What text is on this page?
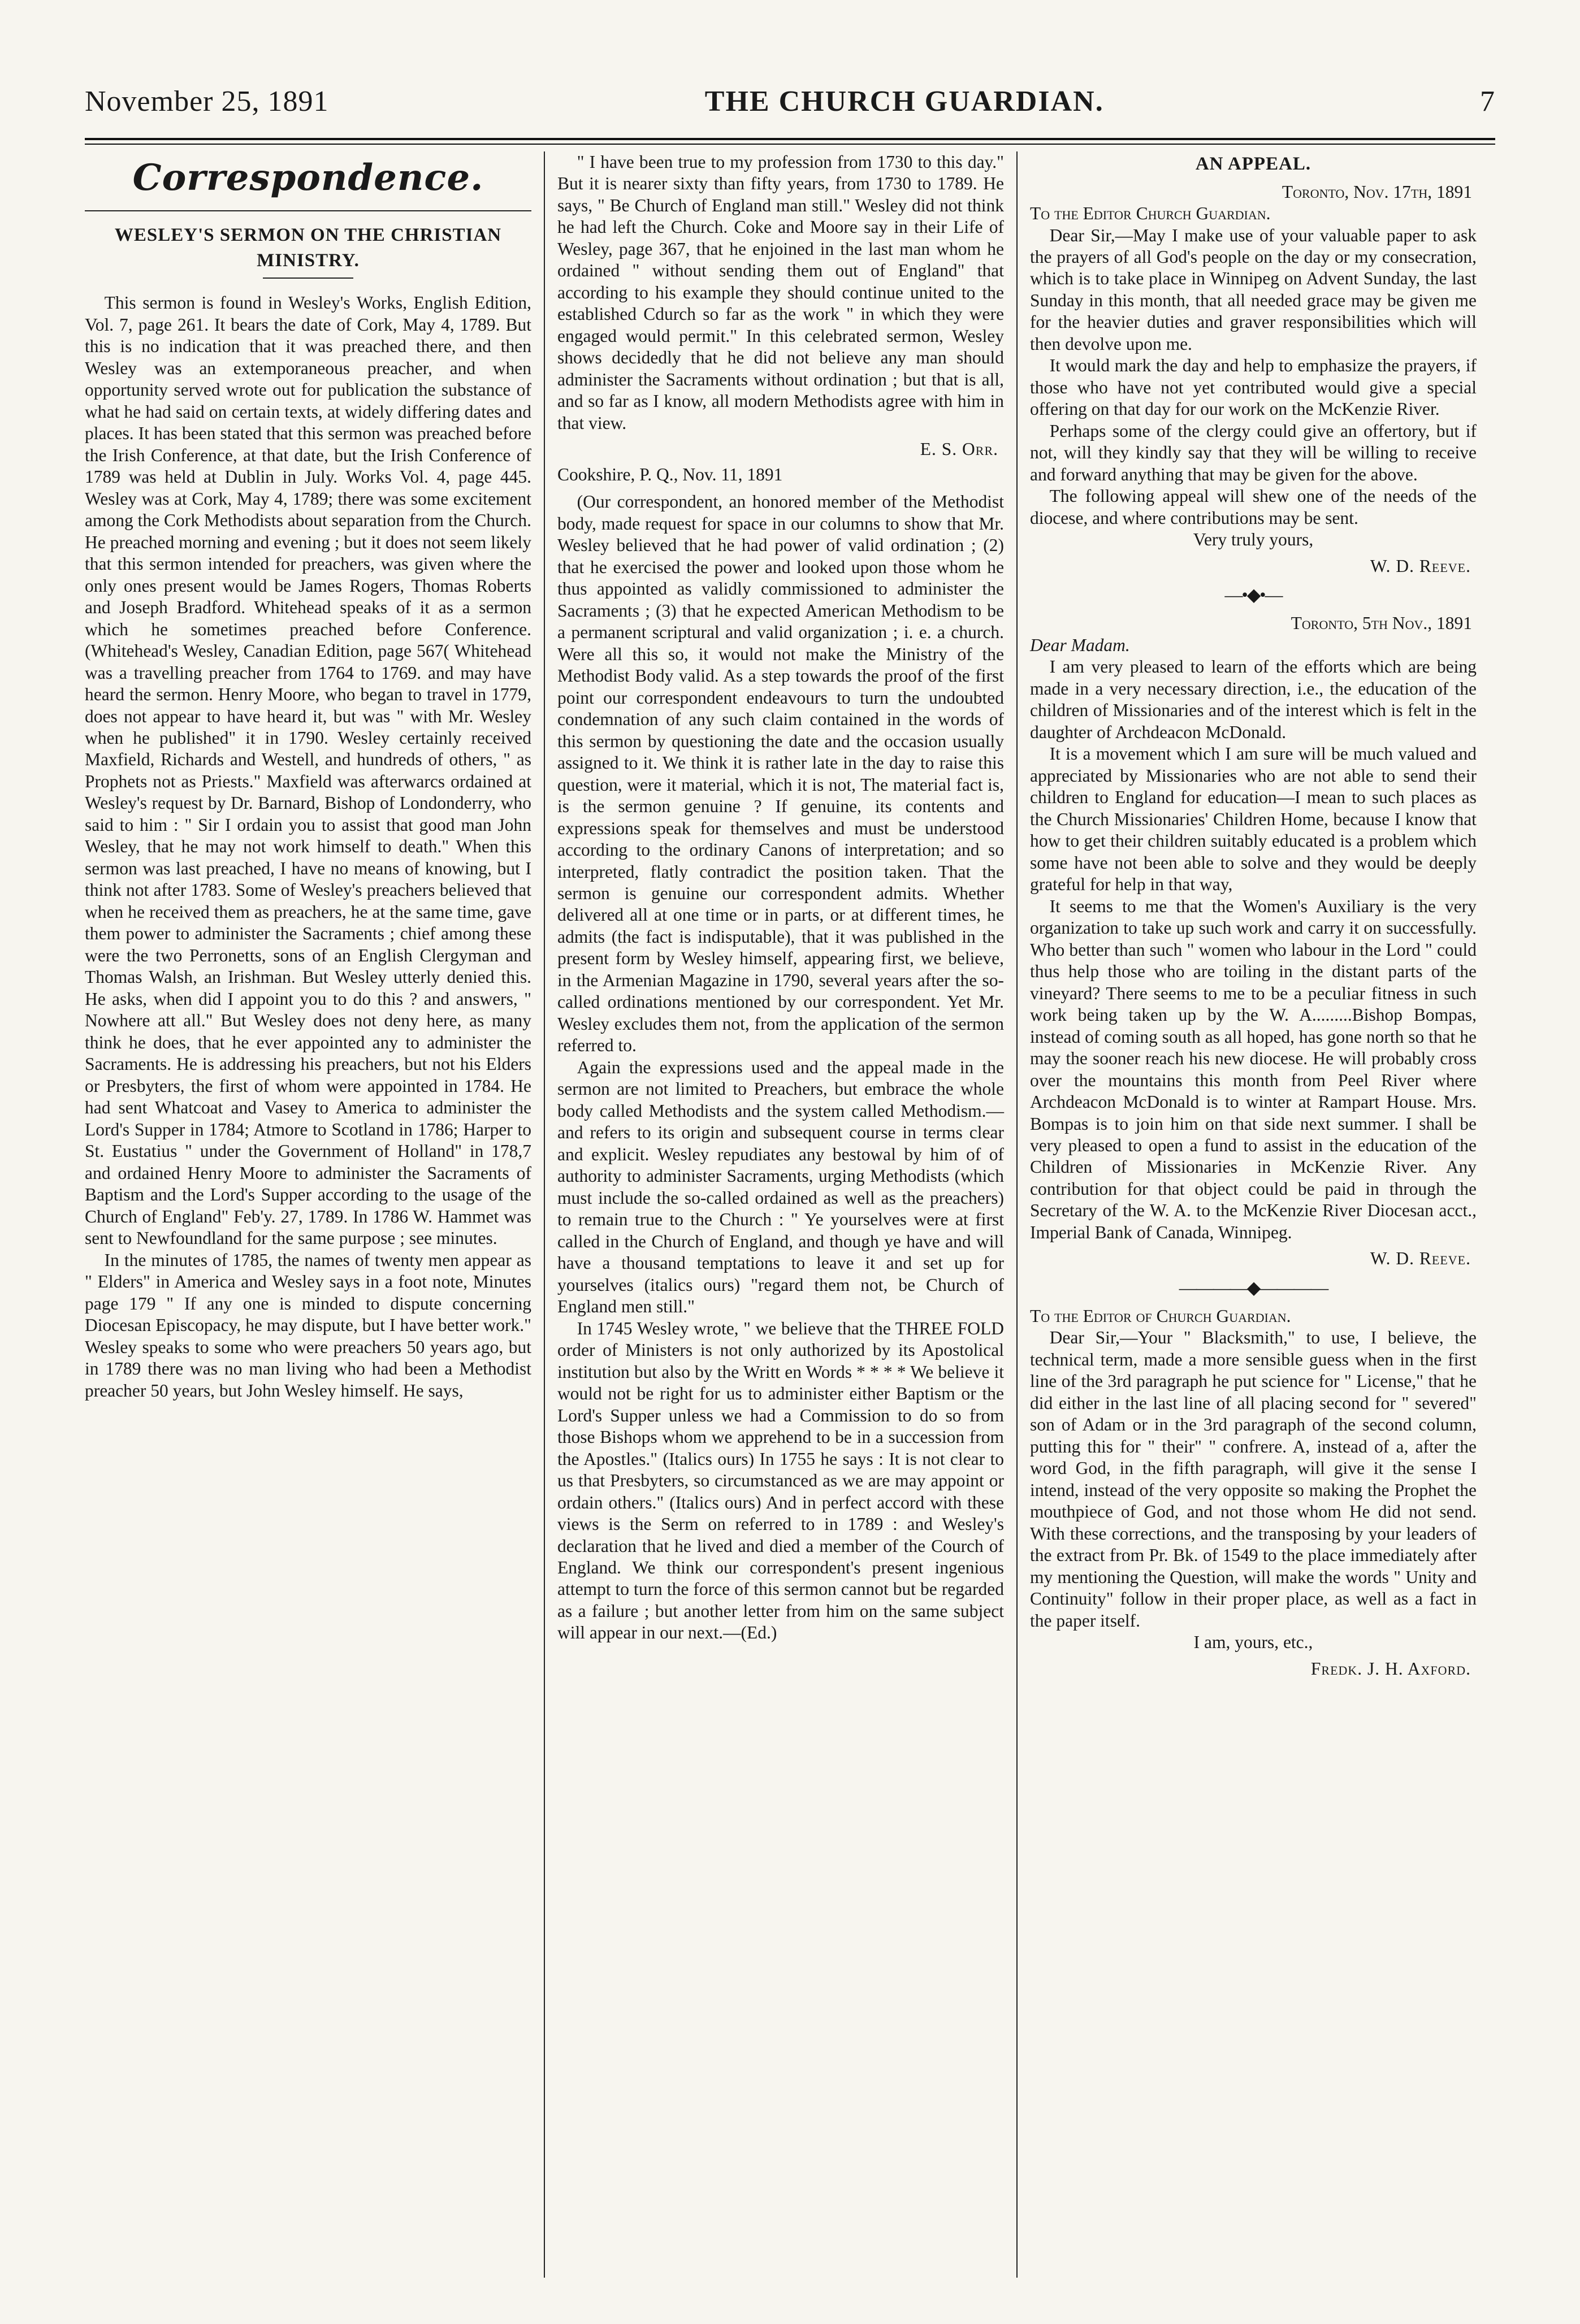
November 25, 1891	THE CHURCH GUARDIAN.	7
Correspondence.
WESLEY'S SERMON ON THE CHRISTIAN MINISTRY.

This sermon is found in Wesley's Works, English Edition, Vol. 7, page 261. It bears the date of Cork, May 4, 1789. But this is no indication that it was preached there, and then Wesley was an extemporaneous preacher, and when opportunity served wrote out for publication the substance of what he had said on certain texts, at widely differing dates and places. It has been stated that this sermon was preached before the Irish Conference, at that date, but the Irish Conference of 1789 was held at Dublin in July. Works Vol. 4, page 445. Wesley was at Cork, May 4, 1789; there was some excitement among the Cork Methodists about separation from the Church. He preached morning and evening ; but it does not seem likely that this sermon intended for preachers, was given where the only ones present would be James Rogers, Thomas Roberts and Joseph Bradford. Whitehead speaks of it as a sermon which he sometimes preached before Conference. (Whitehead's Wesley, Canadian Edition, page 567( Whitehead was a travelling preacher from 1764 to 1769. and may have heard the sermon. Henry Moore, who began to travel in 1779, does not appear to have heard it, but was " with Mr. Wesley when he published" it in 1790. Wesley certainly received Maxfield, Richards and Westell, and hundreds of others, " as Prophets not as Priests." Maxfield was afterwarcs ordained at Wesley's request by Dr. Barnard, Bishop of Londonderry, who said to him : " Sir I ordain you to assist that good man John Wesley, that he may not work himself to death." When this sermon was last preached, I have no means of knowing, but I think not after 1783. Some of Wesley's preachers believed that when he received them as preachers, he at the same time, gave them power to administer the Sacraments ; chief among these were the two Perronetts, sons of an English Clergyman and Thomas Walsh, an Irishman. But Wesley utterly denied this. He asks, when did I appoint you to do this ? and answers, " Nowhere att all." But Wesley does not deny here, as many think he does, that he ever appointed any to administer the Sacraments. He is addressing his preachers, but not his Elders or Presbyters, the first of whom were appointed in 1784. He had sent Whatcoat and Vasey to America to administer the Lord's Supper in 1784; Atmore to Scotland in 1786; Harper to St. Eustatius " under the Government of Holland" in 178,7 and ordained Henry Moore to administer the Sacraments of Baptism and the Lord's Supper according to the usage of the Church of England" Feb'y. 27, 1789. In 1786 W. Hammet was sent to Newfoundland for the same purpose ; see minutes.

In the minutes of 1785, the names of twenty men appear as " Elders" in America and Wesley says in a foot note, Minutes page 179 " If any one is minded to dispute concerning Diocesan Episcopacy, he may dispute, but I have better work." Wesley speaks to some who were preachers 50 years ago, but in 1789 there was no man living who had been a Methodist preacher 50 years, but John Wesley himself. He says,

" I have been true to my profession from 1730 to this day." But it is nearer sixty than fifty years, from 1730 to 1789. He says, " Be Church of England man still." Wesley did not think he had left the Church. Coke and Moore say in their Life of Wesley, page 367, that he enjoined in the last man whom he ordained " without sending them out of England" that according to his example they should continue united to the established Cdurch so far as the work " in which they were engaged would permit." In this celebrated sermon, Wesley shows decidedly that he did not believe any man should administer the Sacraments without ordination ; but that is all, and so far as I know, all modern Methodists agree with him in that view.

E. S. Orr.

Cookshire, P. Q., Nov. 11, 1891

(Our correspondent, an honored member of the Methodist body, made request for space in our columns to show that Mr. Wesley believed that he had power of valid ordination ; (2) that he exercised the power and looked upon those whom he thus appointed as validly commissioned to administer the Sacraments ; (3) that he expected American Methodism to be a permanent scriptural and valid organization ; i. e. a church. Were all this so, it would not make the Ministry of the Methodist Body valid. As a step towards the proof of the first point our correspondent endeavours to turn the undoubted condemnation of any such claim contained in the words of this sermon by questioning the date and the occasion usually assigned to it. We think it is rather late in the day to raise this question, were it material, which it is not, The material fact is, is the sermon genuine ? If genuine, its contents and expressions speak for themselves and must be understood according to the ordinary Canons of interpretation; and so interpreted, flatly contradict the position taken. That the sermon is genuine our correspondent admits. Whether delivered all at one time or in parts, or at different times, he admits (the fact is indisputable), that it was published in the present form by Wesley himself, appearing first, we believe, in the Armenian Magazine in 1790, several years after the so-called ordinations mentioned by our correspondent. Yet Mr. Wesley excludes them not, from the application of the sermon referred to.

Again the expressions used and the appeal made in the sermon are not limited to Preachers, but embrace the whole body called Methodists and the system called Methodism.—and refers to its origin and subsequent course in terms clear and explicit. Wesley repudiates any bestowal by him of of authority to administer Sacraments, urging Methodists (which must include the so-called ordained as well as the preachers) to remain true to the Church : " Ye yourselves were at first called in the Church of England, and though ye have and will have a thousand temptations to leave it and set up for yourselves (italics ours) "regard them not, be Church of England men still."

In 1745 Wesley wrote, " we believe that the THREE FOLD order of Ministers is not only authorized by its Apostolical institution but also by the Writt en Words * * * * We believe it would not be right for us to administer either Baptism or the Lord's Supper unless we had a Commission to do so from those Bishops whom we apprehend to be in a succession from the Apostles." (Italics ours) In 1755 he says : It is not clear to us that Presbyters, so circumstanced as we are may appoint or ordain others." (Italics ours) And in perfect accord with these views is the Serm on referred to in 1789 : and Wesley's declaration that he lived and died a member of the Courch of England. We think our correspondent's present ingenious attempt to turn the force of this sermon cannot but be regarded as a failure ; but another letter from him on the same subject will appear in our next.—(Ed.)

AN APPEAL.
Toronto, Nov. 17th, 1891

To the Editor Church Guardian.

Dear Sir,—May I make use of your valuable paper to ask the prayers of all God's people on the day or my consecration, which is to take place in Winnipeg on Advent Sunday, the last Sunday in this month, that all needed grace may be given me for the heavier duties and graver responsibilities which will then devolve upon me.

It would mark the day and help to emphasize the prayers, if those who have not yet contributed would give a special offering on that day for our work on the McKenzie River.

Perhaps some of the clergy could give an offertory, but if not, will they kindly say that they will be willing to receive and forward anything that may be given for the above.

The following appeal will shew one of the needs of the diocese, and where contributions may be sent.

Very truly yours,
W. D. Reeve.
—•◆•—
Toronto, 5th Nov., 1891

Dear Madam.

I am very pleased to learn of the efforts which are being made in a very necessary direction, i.e., the education of the children of Missionaries and of the interest which is felt in the daughter of Archdeacon McDonald.

It is a movement which I am sure will be much valued and appreciated by Missionaries who are not able to send their children to England for education—I mean to such places as the Church Missionaries' Children Home, because I know that how to get their children suitably educated is a problem which some have not been able to solve and they would be deeply grateful for help in that way,

It seems to me that the Women's Auxiliary is the very organization to take up such work and carry it on successfully. Who better than such " women who labour in the Lord " could thus help those who are toiling in the distant parts of the vineyard? There seems to me to be a peculiar fitness in such work being taken up by the W. A.........Bishop Bompas, instead of coming south as all hoped, has gone north so that he may the sooner reach his new diocese. He will probably cross over the mountains this month from Peel River where Archdeacon McDonald is to winter at Rampart House. Mrs. Bompas is to join him on that side next summer. I shall be very pleased to open a fund to assist in the education of the Children of Missionaries in McKenzie River. Any contribution for that object could be paid in through the Secretary of the W. A. to the McKenzie River Diocesan acct., Imperial Bank of Canada, Winnipeg.

W. D. Reeve.
————◆————

To the Editor of Church Guardian.

Dear Sir,—Your " Blacksmith," to use, I believe, the technical term, made a more sensible guess when in the first line of the 3rd paragraph he put science for " License," that he did either in the last line of all placing second for " severed" son of Adam or in the 3rd paragraph of the second column, putting this for " their" " confrere. A, instead of a, after the word God, in the fifth paragraph, will give it the sense I intend, instead of the very opposite so making the Prophet the mouthpiece of God, and not those whom He did not send. With these corrections, and the transposing by your leaders of the extract from Pr. Bk. of 1549 to the place immediately after my mentioning the Question, will make the words " Unity and Continuity" follow in their proper place, as well as a fact in the paper itself.

I am, yours, etc.,
Fredk. J. H. Axford.
